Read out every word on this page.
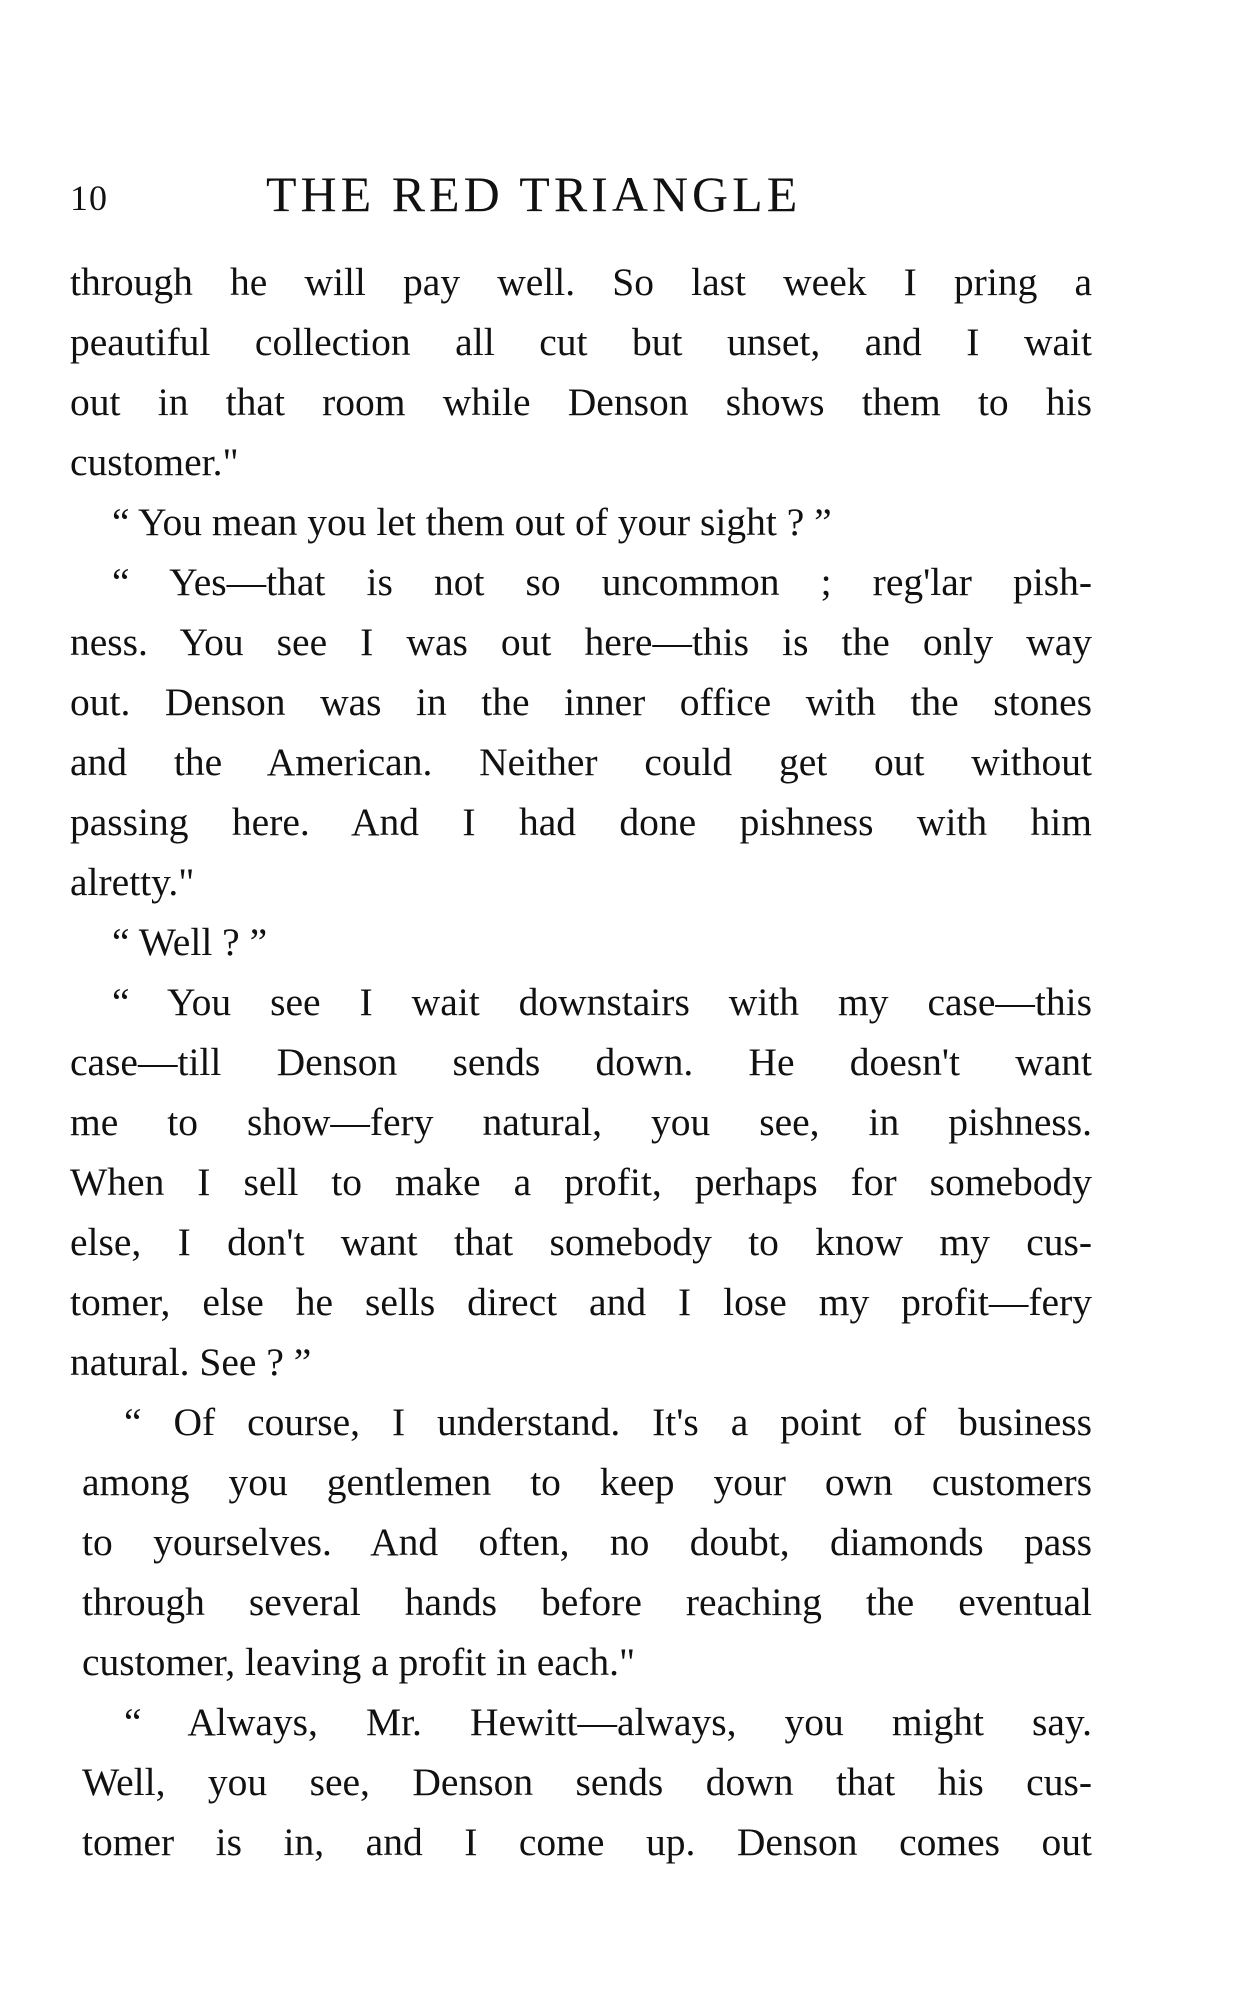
10	THE RED TRIANGLE
through he will pay well. So last week I pring a
peautiful collection all cut but unset, and I wait
out in that room while Denson shows them to his
customer."
“ You mean you let them out of your sight ? ”
“ Yes—that is not so uncommon ; reg'lar pish-
ness. You see I was out here—this is the only way
out. Denson was in the inner office with the stones
and the American. Neither could get out without
passing here. And I had done pishness with him
alretty."
“ Well ? ”
“ You see I wait downstairs with my case—this
case—till Denson sends down. He doesn't want
me to show—fery natural, you see, in pishness.
When I sell to make a profit, perhaps for somebody
else, I don't want that somebody to know my cus-
tomer, else he sells direct and I lose my profit—fery
natural. See ? ”
“ Of course, I understand. It's a point of business
among you gentlemen to keep your own customers
to yourselves. And often, no doubt, diamonds pass
through several hands before reaching the eventual
customer, leaving a profit in each."
“ Always, Mr. Hewitt—always, you might say.
Well, you see, Denson sends down that his cus-
tomer is in, and I come up. Denson comes out
